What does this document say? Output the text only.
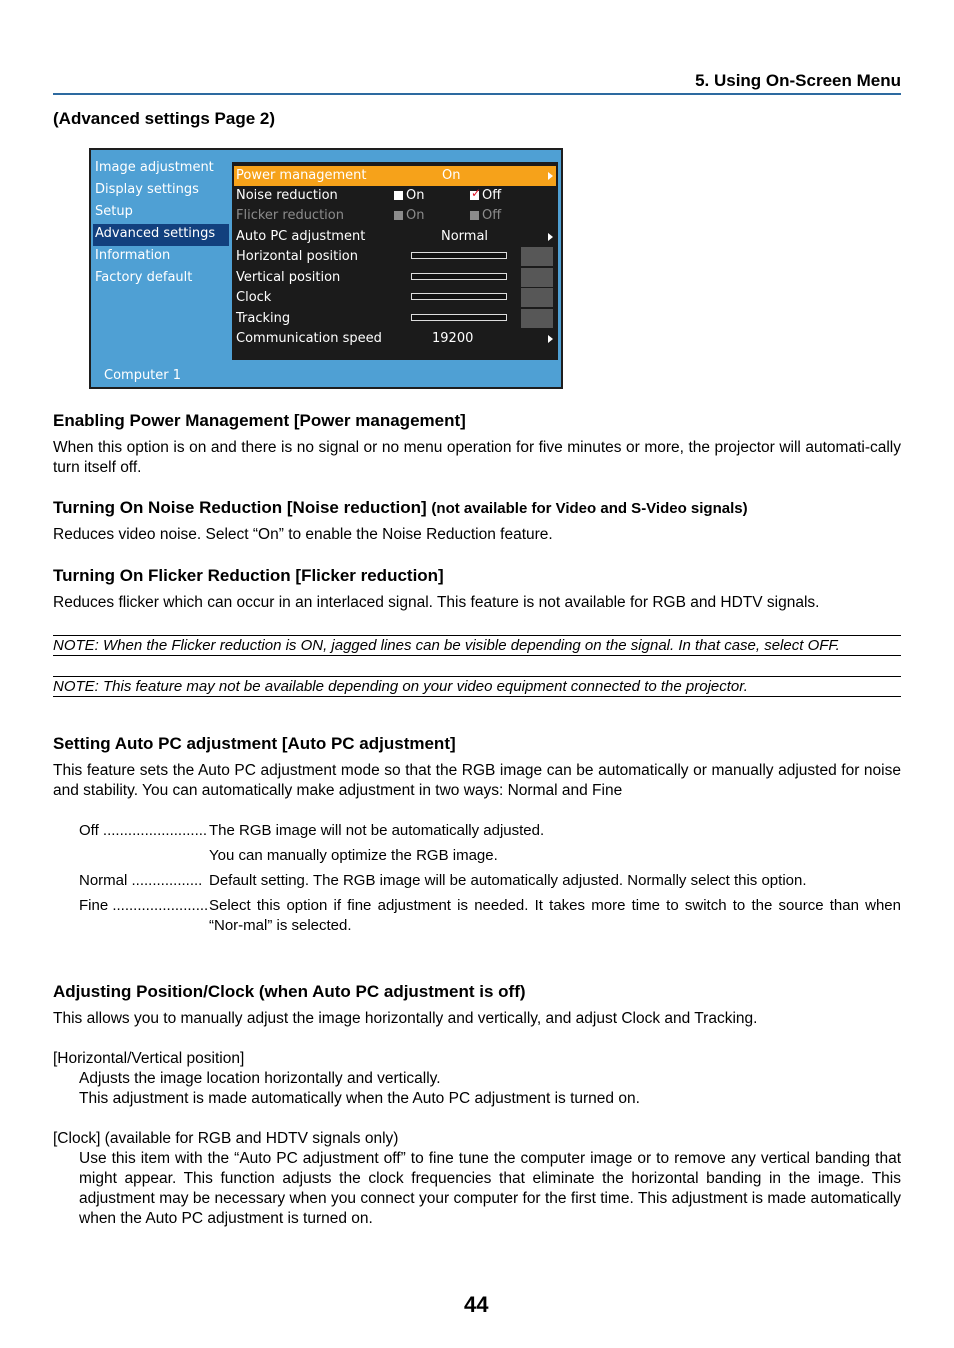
5. Using On-Screen Menu
(Advanced settings Page 2)
Image adjustment
Display settings
Setup
Advanced settings
Information
Factory default
Power management	On
Noise reduction	On	✓ Off
Flicker reduction	On	Off
Auto PC adjustment	Normal
Horizontal position
Vertical position
Clock
Tracking
Communication speed	19200
Computer 1
Enabling Power Management [Power management]
When this option is on and there is no signal or no menu operation for five minutes or more, the projector will automati-cally turn itself off.
Turning On Noise Reduction [Noise reduction] (not available for Video and S-Video signals)
Reduces video noise. Select “On” to enable the Noise Reduction feature.
Turning On Flicker Reduction [Flicker reduction]
Reduces flicker which can occur in an interlaced signal. This feature is not available for RGB and HDTV signals.
NOTE: When the Flicker reduction is ON, jagged lines can be visible depending on the signal. In that case, select OFF.
NOTE: This feature may not be available depending on your video equipment connected to the projector.
Setting Auto PC adjustment [Auto PC adjustment]
This feature sets the Auto PC adjustment mode so that the RGB image can be automatically or manually adjusted for noise and stability. You can automatically make adjustment in two ways: Normal and Fine
Off ......................... The RGB image will not be automatically adjusted.
You can manually optimize the RGB image.
Normal ................. Default setting. The RGB image will be automatically adjusted. Normally select this option.
Fine ....................... Select this option if fine adjustment is needed. It takes more time to switch to the source than when “Nor-mal” is selected.
Adjusting Position/Clock (when Auto PC adjustment is off)
This allows you to manually adjust the image horizontally and vertically, and adjust Clock and Tracking.
[Horizontal/Vertical position]
Adjusts the image location horizontally and vertically.
This adjustment is made automatically when the Auto PC adjustment is turned on.
[Clock] (available for RGB and HDTV signals only)
Use this item with the “Auto PC adjustment off” to fine tune the computer image or to remove any vertical banding that might appear. This function adjusts the clock frequencies that eliminate the horizontal banding in the image. This adjustment may be necessary when you connect your computer for the first time. This adjustment is made automatically when the Auto PC adjustment is turned on.
44
